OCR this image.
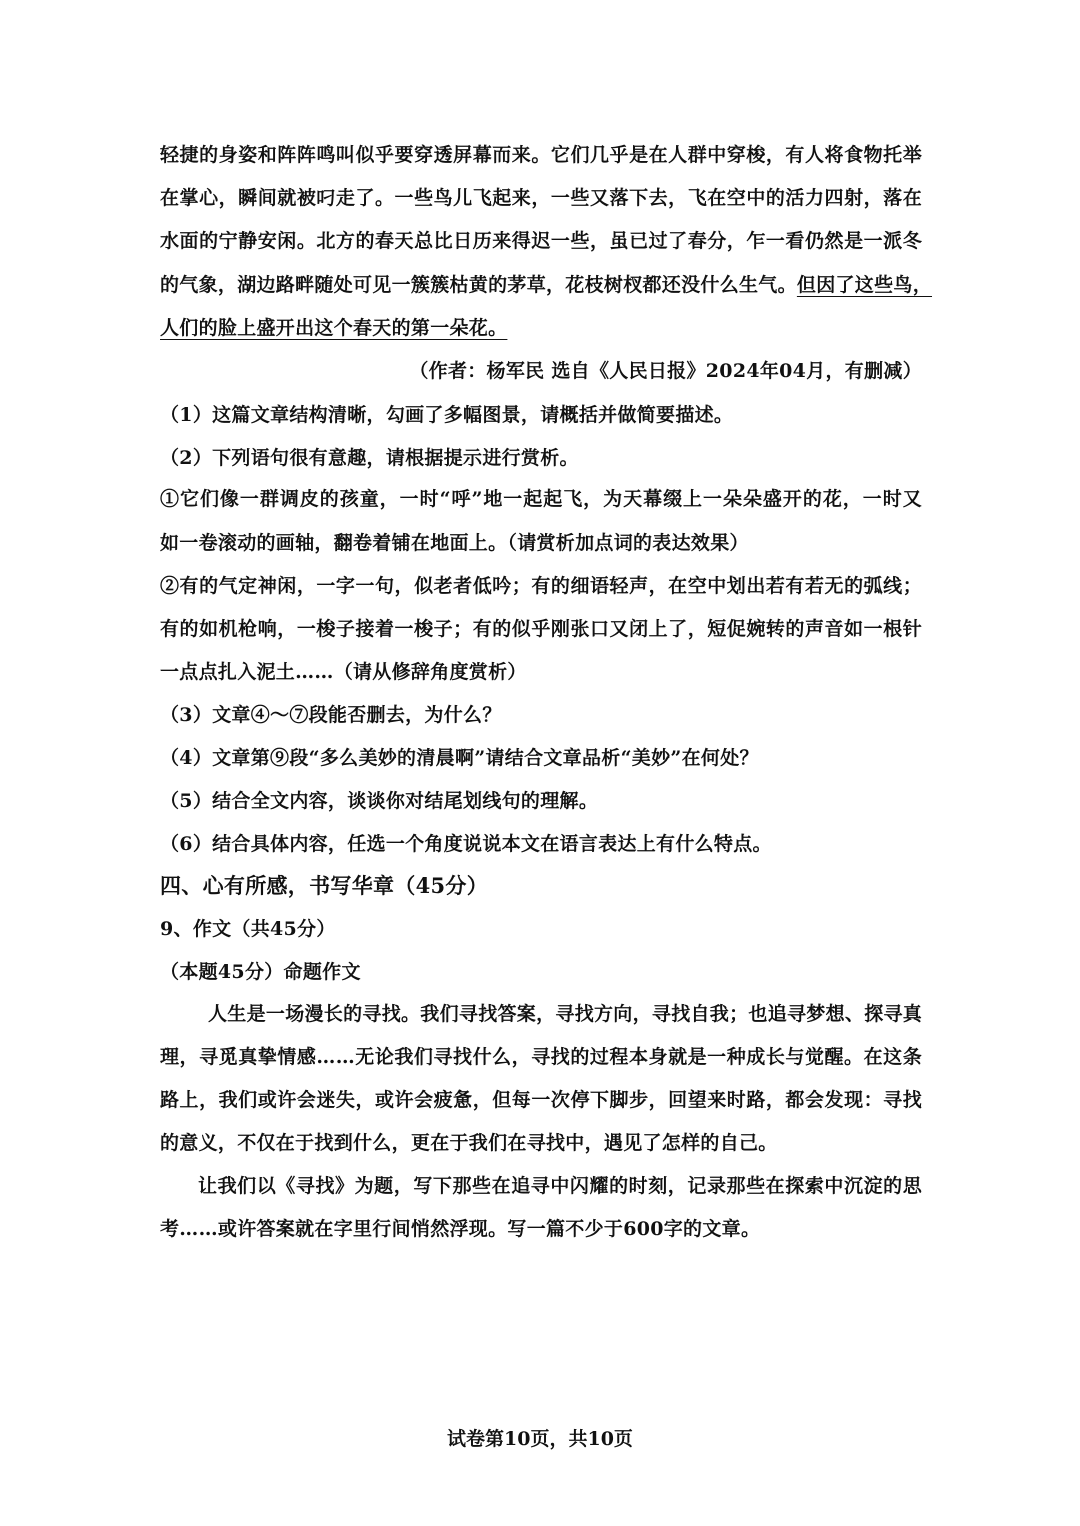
轻捷的身姿和阵阵鸣叫似乎要穿透屏幕而来。它们几乎是在人群中穿梭，有人将食物托举
在掌心，瞬间就被叼走了。一些鸟儿飞起来，一些又落下去，飞在空中的活力四射，落在
水面的宁静安闲。北方的春天总比日历来得迟一些，虽已过了春分，乍一看仍然是一派冬
的气象，湖边路畔随处可见一簇簇枯黄的茅草，花枝树杈都还没什么生气。但因了这些鸟，
人们的脸上盛开出这个春天的第一朵花。
（作者：杨军民 选自《人民日报》2024年04月，有删减）
（1）这篇文章结构清晰，勾画了多幅图景，请概括并做简要描述。
（2）下列语句很有意趣，请根据提示进行赏析。
①它们像一群调皮的孩童，一时“呼”地一起起飞，为天幕缀上一朵朵盛开的花，一时又
如一卷滚动的画轴，翻卷着铺在地面上。（请赏析加点词的表达效果）
②有的气定神闲，一字一句，似老者低吟；有的细语轻声，在空中划出若有若无的弧线；
有的如机枪响，一梭子接着一梭子；有的似乎刚张口又闭上了，短促婉转的声音如一根针
一点点扎入泥土……（请从修辞角度赏析）
（3）文章④～⑦段能否删去，为什么？
（4）文章第⑨段“多么美妙的清晨啊”请结合文章品析“美妙”在何处？
（5）结合全文内容，谈谈你对结尾划线句的理解。
（6）结合具体内容，任选一个角度说说本文在语言表达上有什么特点。
四、心有所感，书写华章（45分）
9、作文（共45分）
（本题45分）命题作文
人生是一场漫长的寻找。我们寻找答案，寻找方向，寻找自我；也追寻梦想、探寻真
理，寻觅真挚情感……无论我们寻找什么，寻找的过程本身就是一种成长与觉醒。在这条
路上，我们或许会迷失，或许会疲惫，但每一次停下脚步，回望来时路，都会发现：寻找
的意义，不仅在于找到什么，更在于我们在寻找中，遇见了怎样的自己。
让我们以《寻找》为题，写下那些在追寻中闪耀的时刻，记录那些在探索中沉淀的思
考……或许答案就在字里行间悄然浮现。写一篇不少于600字的文章。
试卷第10页，共10页
